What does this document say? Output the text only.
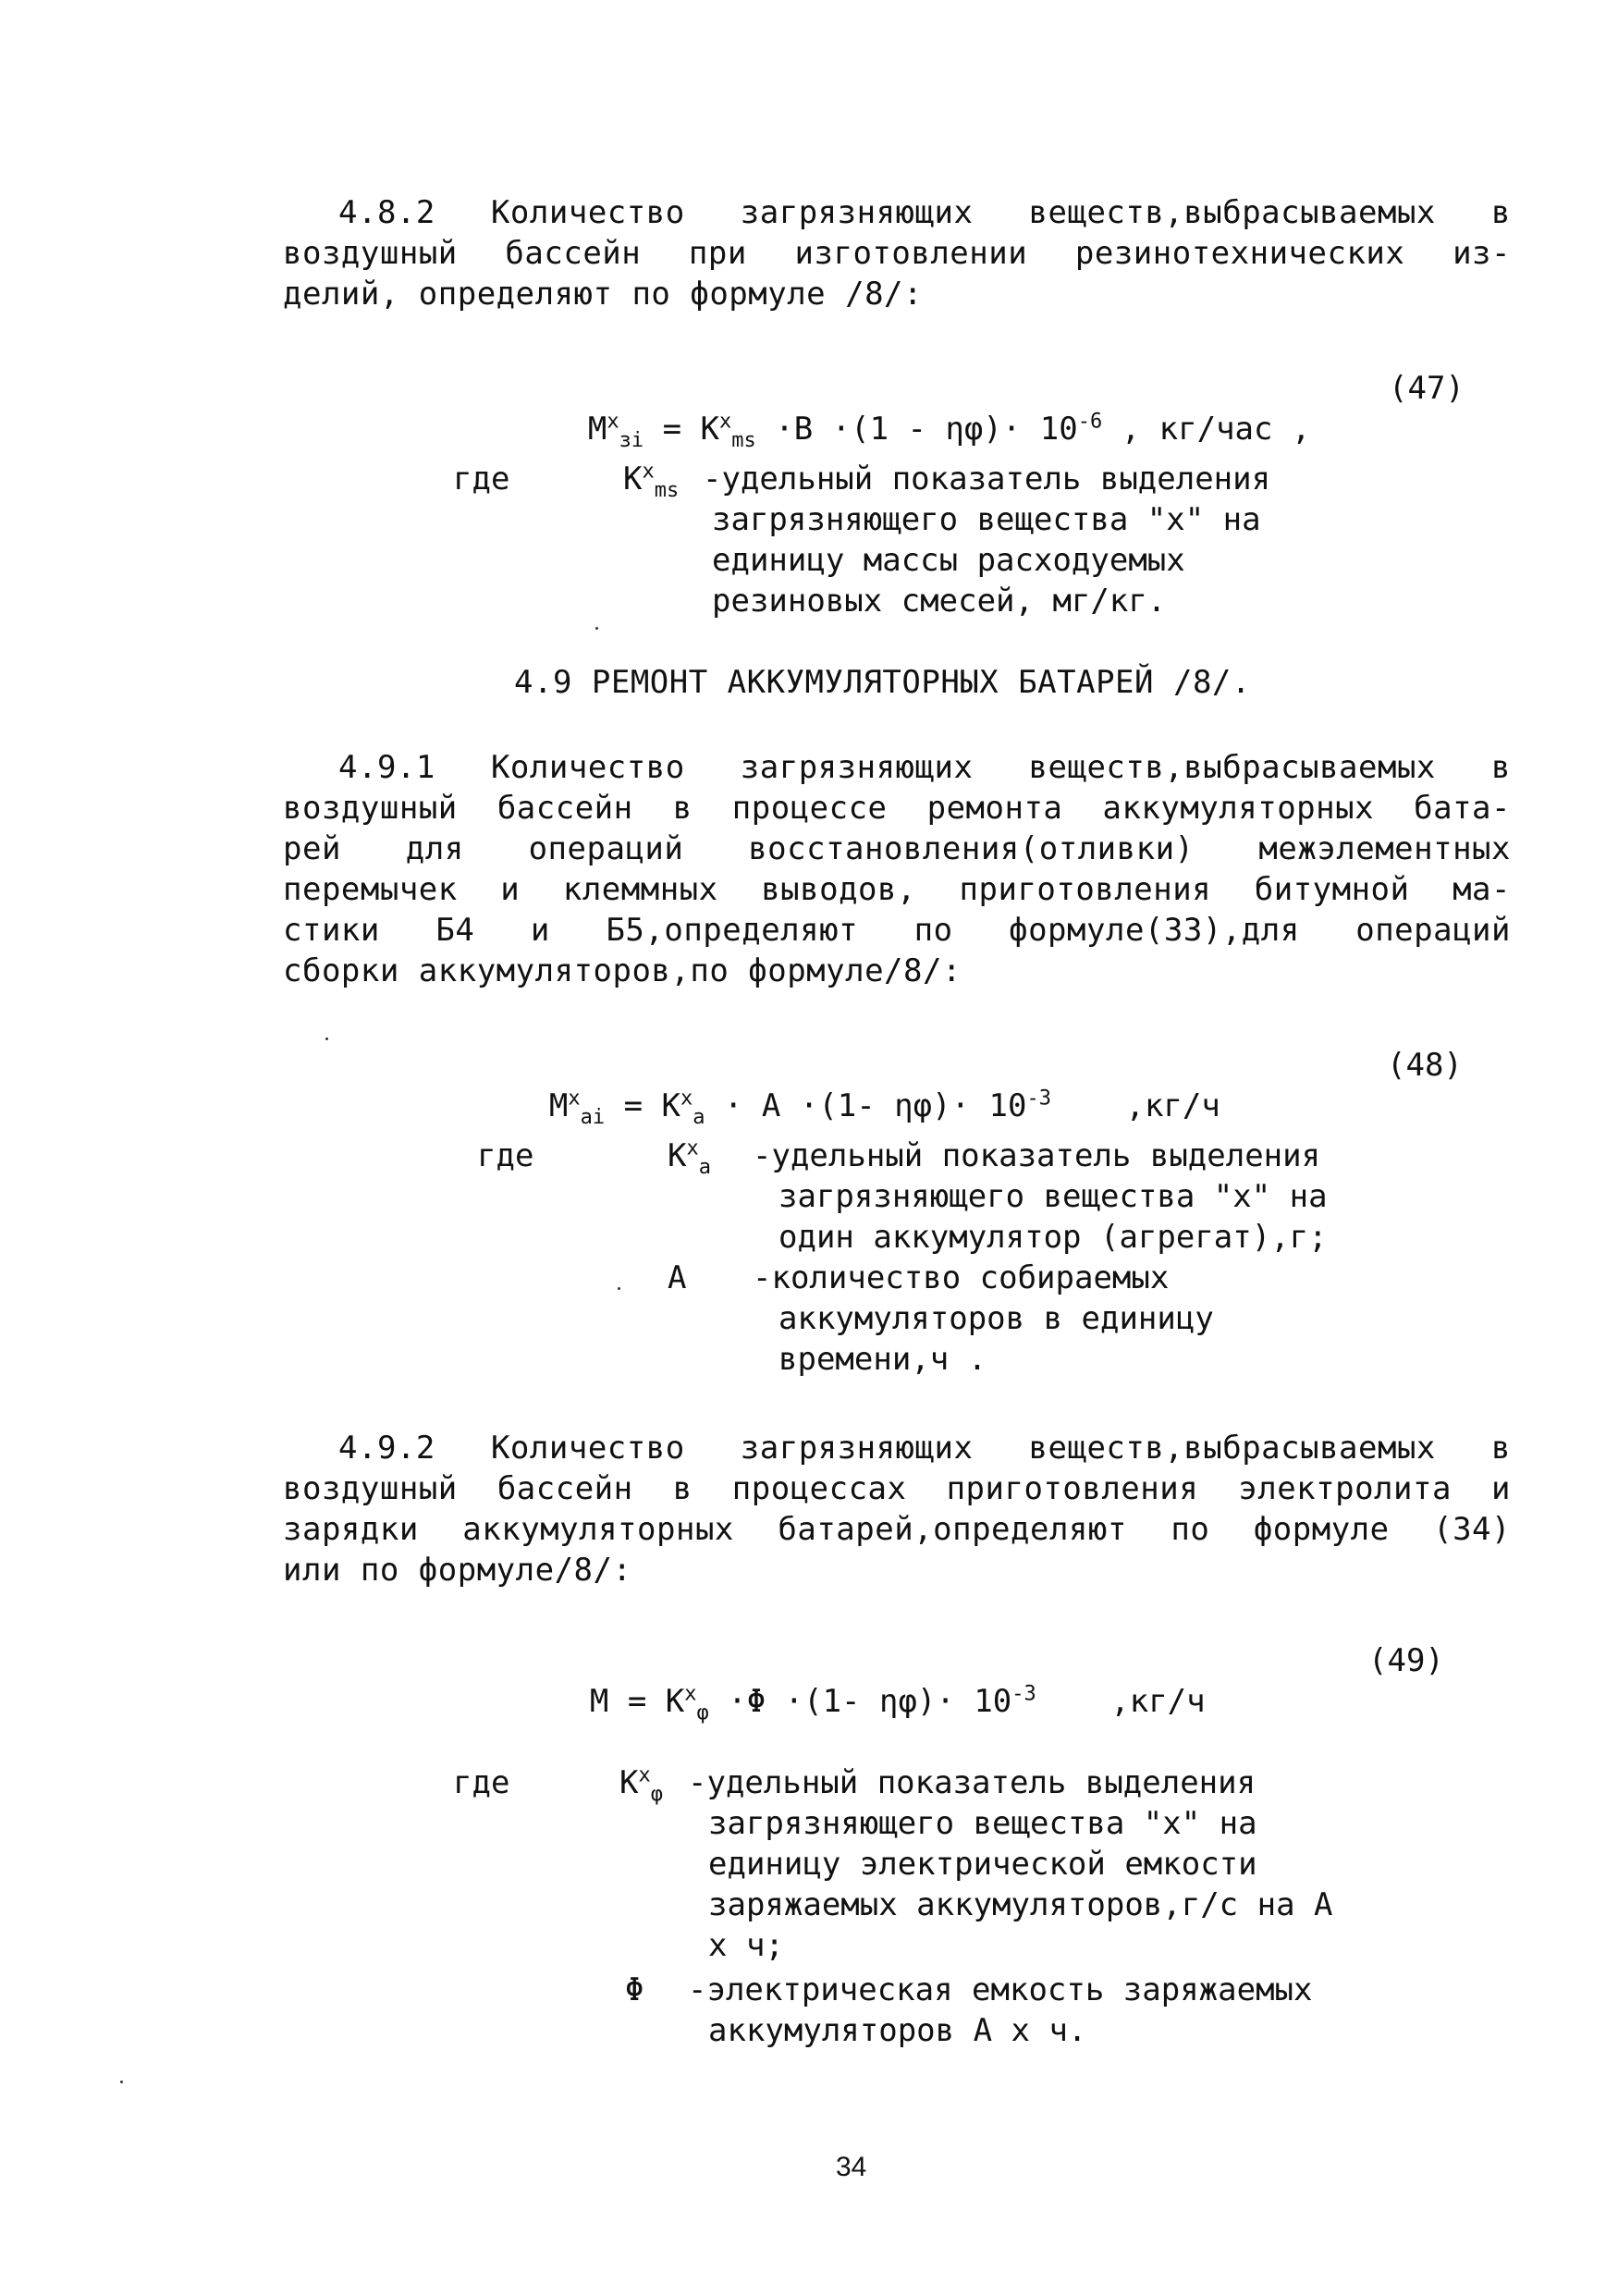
4.8.2 Количество загрязняющих веществ,выбрасываемых в
воздушный бассейн при изготовлении резинотехнических из-
делий, определяют по формуле /8/:

$M^x_{зi} = K^x_{ms} \cdot В \cdot(1 - \eta\varphi)\cdot 10^{-6}$ , кг/час ,

(47)
где	$K^x_{ms}$ -удельный показатель выделения
загрязняющего вещества "х" на
единицу массы расходуемых
резиновых смесей, мг/кг.
4.9 РЕМОНТ АККУМУЛЯТОРНЫХ БАТАРЕЙ /8/.
4.9.1 Количество загрязняющих веществ,выбрасываемых в
воздушный бассейн в процессе ремонта аккумуляторных бата-
рей для операций восстановления(отливки) межэлементных
перемычек и клеммных выводов, приготовления битумной ма-
стики Б4 и Б5,определяют по формуле(33),для операций
сборки аккумуляторов,по формуле/8/:

$M^x_{ai} = K^x_a \cdot A \cdot(1-$ $\eta\varphi)\cdot 10^{-3}$ ,кг/ч

(48)
где	$K^x_a$ -удельный показатель выделения
загрязняющего вещества "х" на
один аккумулятор (агрегат),г;
A -количество собираемых
аккумуляторов в единицу
времени,ч .
4.9.2 Количество загрязняющих веществ,выбрасываемых в
воздушный бассейн в процессах приготовления электролита и
зарядки аккумуляторных батарей,определяют по формуле (34)
или по формуле/8/:

$M = K^x_\varphi \cdot\Phi \cdot(1-$ $\eta\varphi)\cdot 10^{-3}$ ,кг/ч

(49)
где	$K^x_\varphi$ -удельный показатель выделения
загрязняющего вещества "х" на
единицу электрической емкости
заряжаемых аккумуляторов,г/с на А
х ч;
Φ -электрическая емкость заряжаемых
аккумуляторов А х ч.
34
